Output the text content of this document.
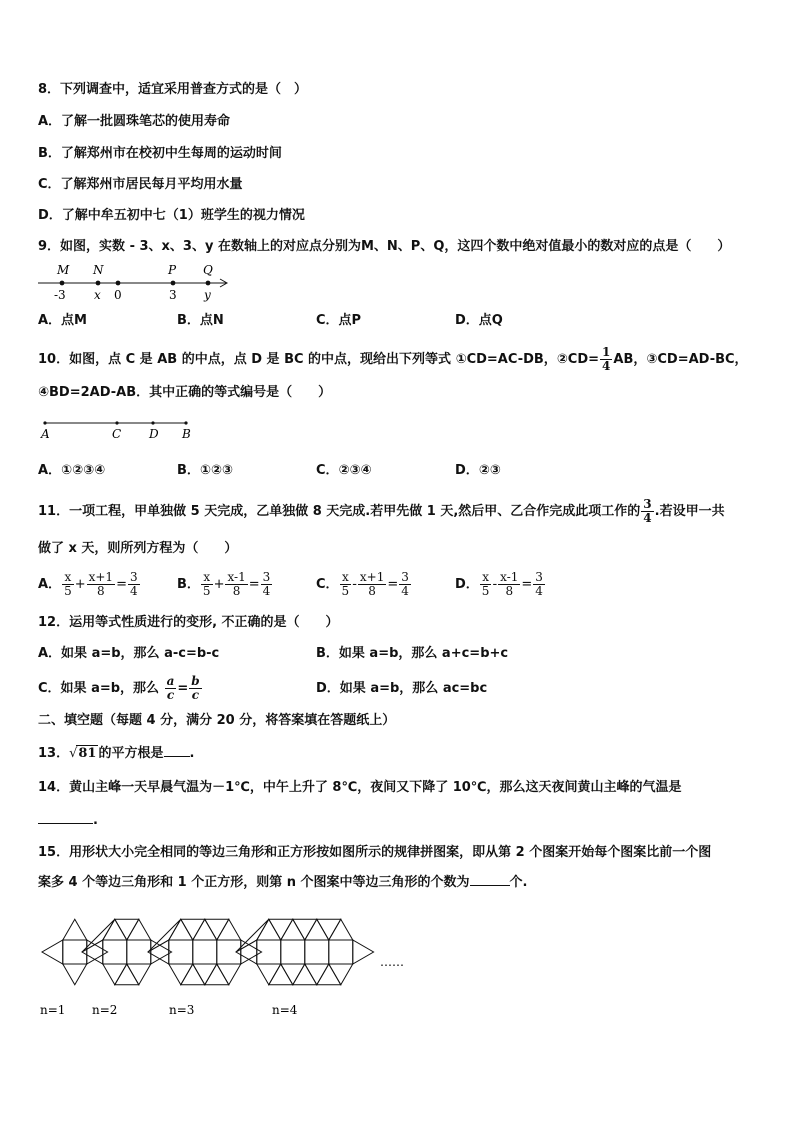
8．下列调查中，适宜采用普查方式的是（　）
A．了解一批圆珠笔芯的使用寿命
B．了解郑州市在校初中生每周的运动时间
C．了解郑州市居民每月平均用水量
D．了解中牟五初中七（1）班学生的视力情况
9．如图，实数 - 3、x、3、y 在数轴上的对应点分别为M、N、P、Q，这四个数中绝对值最小的数对应的点是（　　）
M N	P Q
-3 x 0	3 y
A．点M	B．点N	C．点P	D．点Q
10．如图，点 C 是 AB 的中点，点 D 是 BC 的中点，现给出下列等式 ①CD=AC-DB，②CD= $\frac{1}{4}$ AB，③CD=AD-BC，
④BD=2AD-AB．其中正确的等式编号是（　　）
A	C D B
A．①②③④	B．①②③	C．②③④	D．②③
11．一项工程，甲单独做 5 天完成，乙单独做 8 天完成.若甲先做 1 天,然后甲、乙合作完成此项工作的 $\frac{3}{4}$ .若设甲一共
做了 x 天，则所列方程为（　　）
A． $\frac{x}{5} + \frac{x+1}{8} = \frac{3}{4}$	B． $\frac{x}{5} + \frac{x-1}{8} = \frac{3}{4}$	C． $\frac{x}{5} - \frac{x+1}{8} = \frac{3}{4}$	D． $\frac{x}{5} - \frac{x-1}{8} = \frac{3}{4}$
12．运用等式性质进行的变形, 不正确的是（　　）
A．如果 a=b，那么 a-c=b-c	B．如果 a=b，那么 a+c=b+c
C．如果 a=b，那么 $\frac{a}{c} = \frac{b}{c}$	D．如果 a=b，那么 ac=bc
二、填空题（每题 4 分，满分 20 分，将答案填在答题纸上）
13．√81 的平方根是 .
14．黄山主峰一天早晨气温为－1℃，中午上升了 8℃，夜间又下降了 10℃，那么这天夜间黄山主峰的气温是
.
15．用形状大小完全相同的等边三角形和正方形按如图所示的规律拼图案，即从第 2 个图案开始每个图案比前一个图
案多 4 个等边三角形和 1 个正方形，则第 n 个图案中等边三角形的个数为	个.
……
n=1 n=2	n=3	n=4
